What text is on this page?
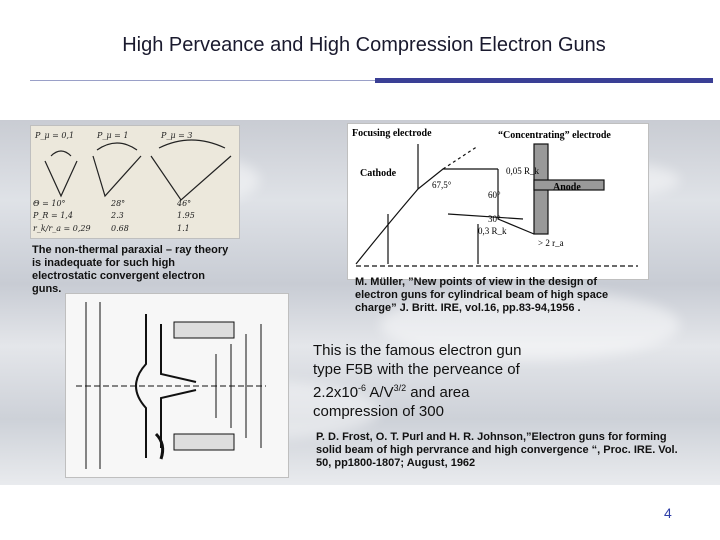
High Perveance and High Compression Electron Guns
P_μ = 0,1	P_μ = 1	P_μ = 3
Θ = 10°	28°	46°
P_R = 1,4	2.3	1.95
r_k/r_a = 0,29	0.68	1.1
The non-thermal paraxial – ray theory is inadequate for such high electrostatic convergent electron guns.
Focusing electrode	“Concentrating” electrode
Cathode
Anode
67,5°
60°
30°
0,05 R_k
0,3 R_k
> 2 r_a
M. Müller, ”New points of view in the design of electron guns for cylindrical beam of high space charge” J. Britt. IRE, vol.16, pp.83-94,1956 .
This is the famous electron gun
type F5B with the perveance of
$2.2x10^{-6}$ $A/V^{3/2}$ and area
compression of 300
P. D. Frost, O. T. Purl and H. R. Johnson,”Electron guns for forming solid beam of high pervrance and high convergence “, Proc. IRE. Vol. 50, pp1800-1807; August, 1962
4
